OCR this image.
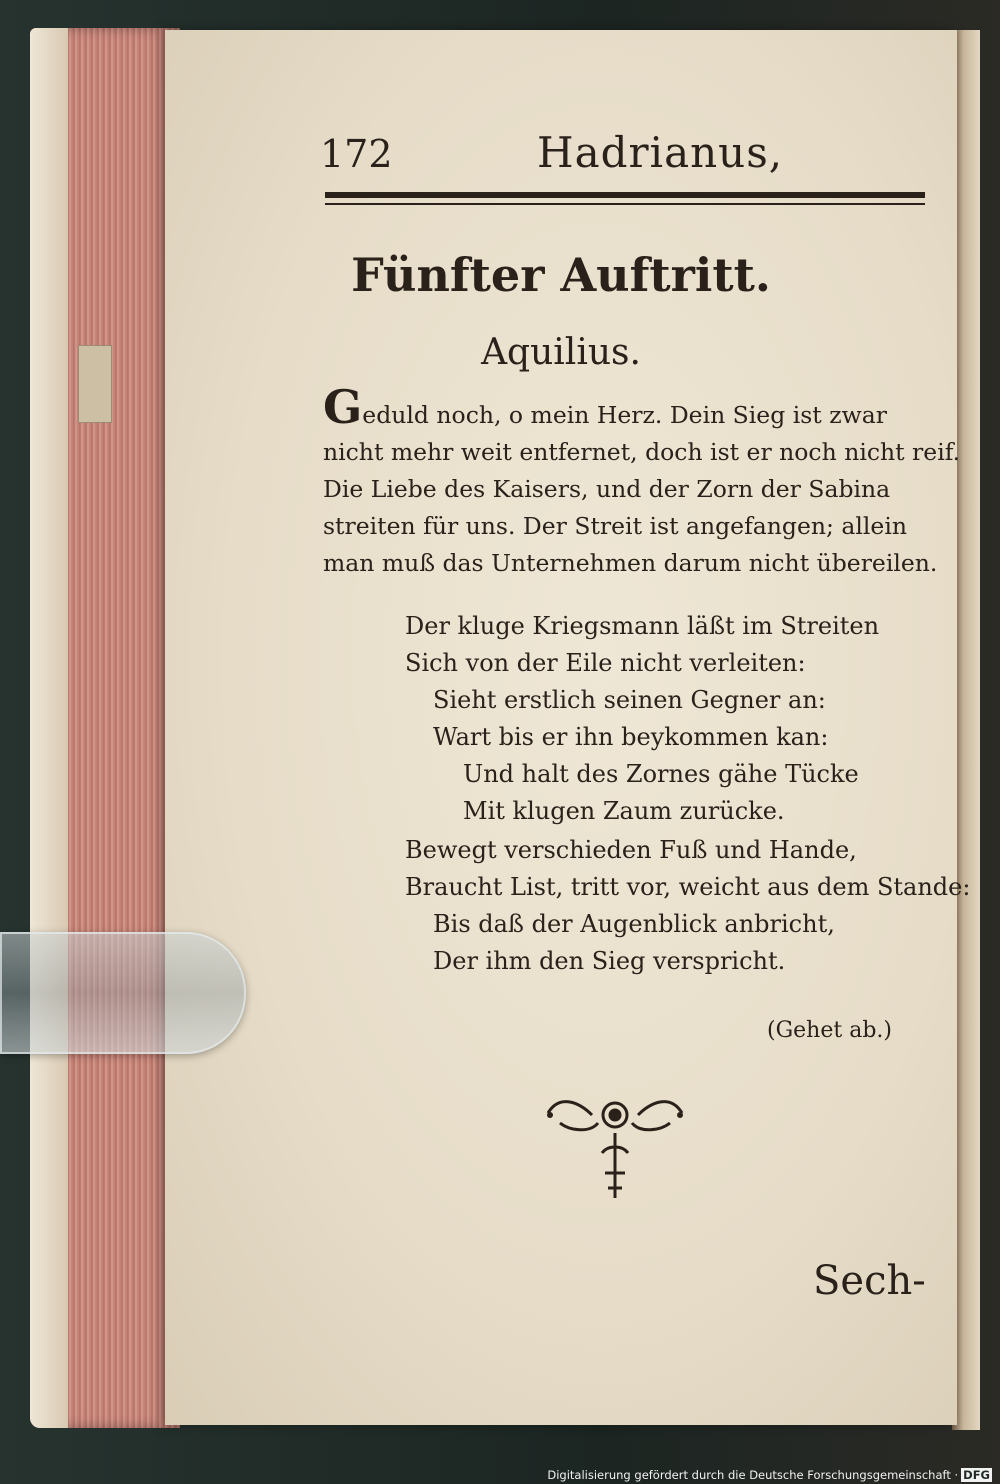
172	Hadrianus,

Fünfter Auftritt.

Aquilius.

Geduld noch, o mein Herz. Dein Sieg ist zwar
nicht mehr weit entfernet, doch ist er noch nicht reif.
Die Liebe des Kaisers, und der Zorn der Sabina
streiten für uns. Der Streit ist angefangen; allein
man muß das Unternehmen darum nicht übereilen.

Der kluge Kriegsmann läßt im Streiten

Sich von der Eile nicht verleiten:

Sieht erstlich seinen Gegner an:

Wart bis er ihn beykommen kan:

Und halt des Zornes gähe Tücke

Mit klugen Zaum zurücke.

Bewegt verschieden Fuß und Hande,

Braucht List, tritt vor, weicht aus dem Stande:

Bis daß der Augenblick anbricht,

Der ihm den Sieg verspricht.

(Gehet ab.)

Sech-

Digitalisierung gefördert durch die Deutsche Forschungsgemeinschaft · DFG
